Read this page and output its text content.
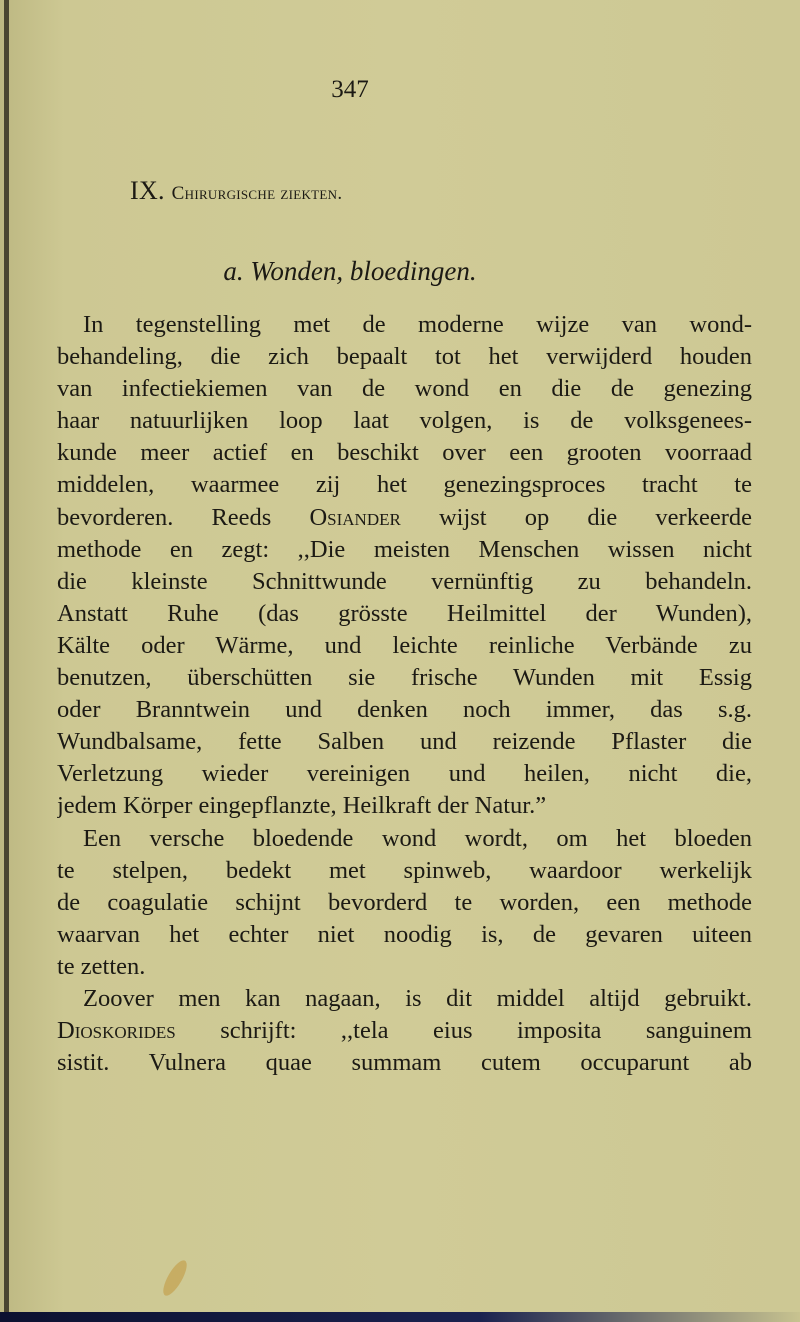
347
IX. Chirurgische ziekten.
a. Wonden, bloedingen.
In tegenstelling met de moderne wijze van wond-
behandeling, die zich bepaalt tot het verwijderd houden
van infectiekiemen van de wond en die de genezing
haar natuurlijken loop laat volgen, is de volksgenees-
kunde meer actief en beschikt over een grooten voorraad
middelen, waarmee zij het genezingsproces tracht te
bevorderen. Reeds Osiander wijst op die verkeerde
methode en zegt: ,,Die meisten Menschen wissen nicht
die kleinste Schnittwunde vernünftig zu behandeln.
Anstatt Ruhe (das grösste Heilmittel der Wunden),
Kälte oder Wärme, und leichte reinliche Verbände zu
benutzen, überschütten sie frische Wunden mit Essig
oder Branntwein und denken noch immer, das s.g.
Wundbalsame, fette Salben und reizende Pflaster die
Verletzung wieder vereinigen und heilen, nicht die,
jedem Körper eingepflanzte, Heilkraft der Natur.”
Een versche bloedende wond wordt, om het bloeden
te stelpen, bedekt met spinweb, waardoor werkelijk
de coagulatie schijnt bevorderd te worden, een methode
waarvan het echter niet noodig is, de gevaren uiteen
te zetten.
Zoover men kan nagaan, is dit middel altijd gebruikt.
Dioskorides schrijft: ,,tela eius imposita sanguinem
sistit. Vulnera quae summam cutem occuparunt ab
